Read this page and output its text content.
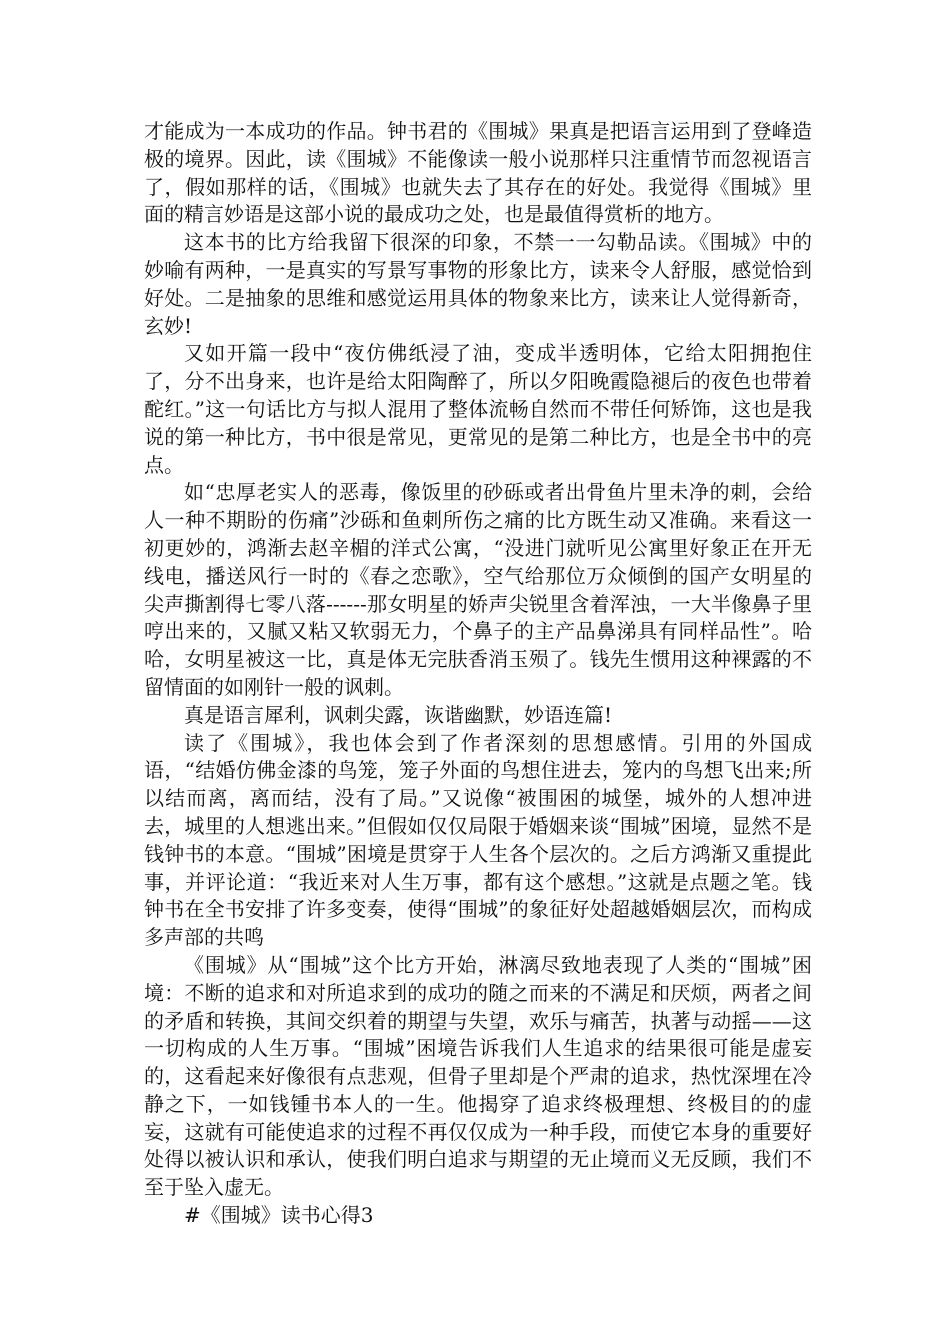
才能成为一本成功的作品。钟书君的《围城》果真是把语言运用到了登峰造极的境界。因此，读《围城》不能像读一般小说那样只注重情节而忽视语言了，假如那样的话，《围城》也就失去了其存在的好处。我觉得《围城》里面的精言妙语是这部小说的最成功之处，也是最值得赏析的地方。

这本书的比方给我留下很深的印象，不禁一一勾勒品读。《围城》中的妙喻有两种，一是真实的写景写事物的形象比方，读来令人舒服，感觉恰到好处。二是抽象的思维和感觉运用具体的物象来比方，读来让人觉得新奇，玄妙!

又如开篇一段中“夜仿佛纸浸了油，变成半透明体，它给太阳拥抱住了，分不出身来，也许是给太阳陶醉了，所以夕阳晚霞隐褪后的夜色也带着酡红。”这一句话比方与拟人混用了整体流畅自然而不带任何矫饰，这也是我说的第一种比方，书中很是常见，更常见的是第二种比方，也是全书中的亮点。

如“忠厚老实人的恶毒，像饭里的砂砾或者出骨鱼片里未净的刺，会给人一种不期盼的伤痛”沙砾和鱼刺所伤之痛的比方既生动又准确。来看这一初更妙的，鸿渐去赵辛楣的洋式公寓，“没进门就听见公寓里好象正在开无线电，播送风行一时的《春之恋歌》，空气给那位万众倾倒的国产女明星的尖声撕割得七零八落------那女明星的娇声尖锐里含着浑浊，一大半像鼻子里哼出来的，又腻又粘又软弱无力，个鼻子的主产品鼻涕具有同样品性”。哈哈，女明星被这一比，真是体无完肤香消玉殒了。钱先生惯用这种裸露的不留情面的如刚针一般的讽刺。

真是语言犀利，讽刺尖露，诙谐幽默，妙语连篇!

读了《围城》，我也体会到了作者深刻的思想感情。引用的外国成语，“结婚仿佛金漆的鸟笼，笼子外面的鸟想住进去，笼内的鸟想飞出来;所以结而离，离而结，没有了局。”又说像“被围困的城堡，城外的人想冲进去，城里的人想逃出来。”但假如仅仅局限于婚姻来谈“围城”困境，显然不是钱钟书的本意。“围城”困境是贯穿于人生各个层次的。之后方鸿渐又重提此事，并评论道：“我近来对人生万事，都有这个感想。”这就是点题之笔。钱钟书在全书安排了许多变奏，使得“围城”的象征好处超越婚姻层次，而构成多声部的共鸣

《围城》从“围城”这个比方开始，淋漓尽致地表现了人类的“围城”困境：不断的追求和对所追求到的成功的随之而来的不满足和厌烦，两者之间的矛盾和转换，其间交织着的期望与失望，欢乐与痛苦，执著与动摇——这一切构成的人生万事。“围城”困境告诉我们人生追求的结果很可能是虚妄的，这看起来好像很有点悲观，但骨子里却是个严肃的追求，热忱深埋在冷静之下，一如钱锺书本人的一生。他揭穿了追求终极理想、终极目的的虚妄，这就有可能使追求的过程不再仅仅成为一种手段，而使它本身的重要好处得以被认识和承认，使我们明白追求与期望的无止境而义无反顾，我们不至于坠入虚无。

#《围城》读书心得3
